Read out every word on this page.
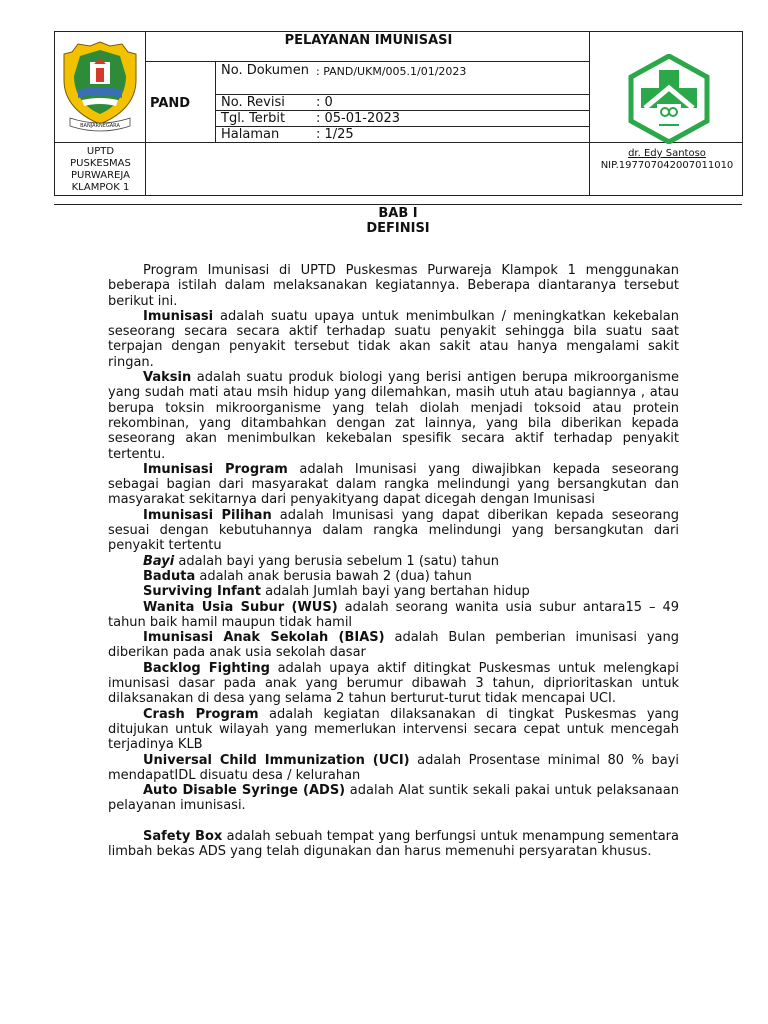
BANJARNEGARA
PELAYANAN IMUNISASI
PAND
No. Dokumen : PAND/UKM/005.1/01/2023
No. Revisi : 0
Tgl. Terbit : 05-01-2023
Halaman	: 1/25
UPTD
PUSKESMAS
PURWAREJA
KLAMPOK 1
dr. Edy Santoso
NIP.197707042007011010
BAB I
DEFINISI

Program Imunisasi di UPTD Puskesmas Purwareja Klampok 1 menggunakan beberapa istilah dalam melaksanakan kegiatannya. Beberapa diantaranya tersebut berikut ini.

Imunisasi adalah suatu upaya untuk menimbulkan / meningkatkan kekebalan seseorang secara secara aktif terhadap suatu penyakit sehingga bila suatu saat terpajan dengan penyakit tersebut tidak akan sakit atau hanya mengalami sakit ringan.

Vaksin adalah suatu produk biologi yang berisi antigen berupa mikroorganisme yang sudah mati atau msih hidup yang dilemahkan, masih utuh atau bagiannya , atau berupa toksin mikroorganisme yang telah diolah menjadi toksoid atau protein rekombinan, yang ditambahkan dengan zat lainnya, yang bila diberikan kepada seseorang akan menimbulkan kekebalan spesifik secara aktif terhadap penyakit tertentu.

Imunisasi Program adalah Imunisasi yang diwajibkan kepada seseorang sebagai bagian dari masyarakat dalam rangka melindungi yang bersangkutan dan masyarakat sekitarnya dari penyakityang dapat dicegah dengan Imunisasi

Imunisasi Pilihan adalah Imunisasi yang dapat diberikan kepada seseorang sesuai dengan kebutuhannya dalam rangka melindungi yang bersangkutan dari penyakit tertentu

Bayi adalah bayi yang berusia sebelum 1 (satu) tahun

Baduta adalah anak berusia bawah 2 (dua) tahun

Surviving Infant adalah Jumlah bayi yang bertahan hidup

Wanita Usia Subur (WUS) adalah seorang wanita usia subur antara15 – 49 tahun baik hamil maupun tidak hamil

Imunisasi Anak Sekolah (BIAS) adalah Bulan pemberian imunisasi yang diberikan pada anak usia sekolah dasar

Backlog Fighting adalah upaya aktif ditingkat Puskesmas untuk melengkapi imunisasi dasar pada anak yang berumur dibawah 3 tahun, diprioritaskan untuk dilaksanakan di desa yang selama 2 tahun berturut-turut tidak mencapai UCI.

Crash Program adalah kegiatan dilaksanakan di tingkat Puskesmas yang ditujukan untuk wilayah yang memerlukan intervensi secara cepat untuk mencegah terjadinya KLB

Universal Child Immunization (UCI) adalah Prosentase minimal 80 % bayi mendapatIDL disuatu desa / kelurahan

Auto Disable Syringe (ADS) adalah Alat suntik sekali pakai untuk pelaksanaan pelayanan imunisasi.

Safety Box adalah sebuah tempat yang berfungsi untuk menampung sementara limbah bekas ADS yang telah digunakan dan harus memenuhi persyaratan khusus.
